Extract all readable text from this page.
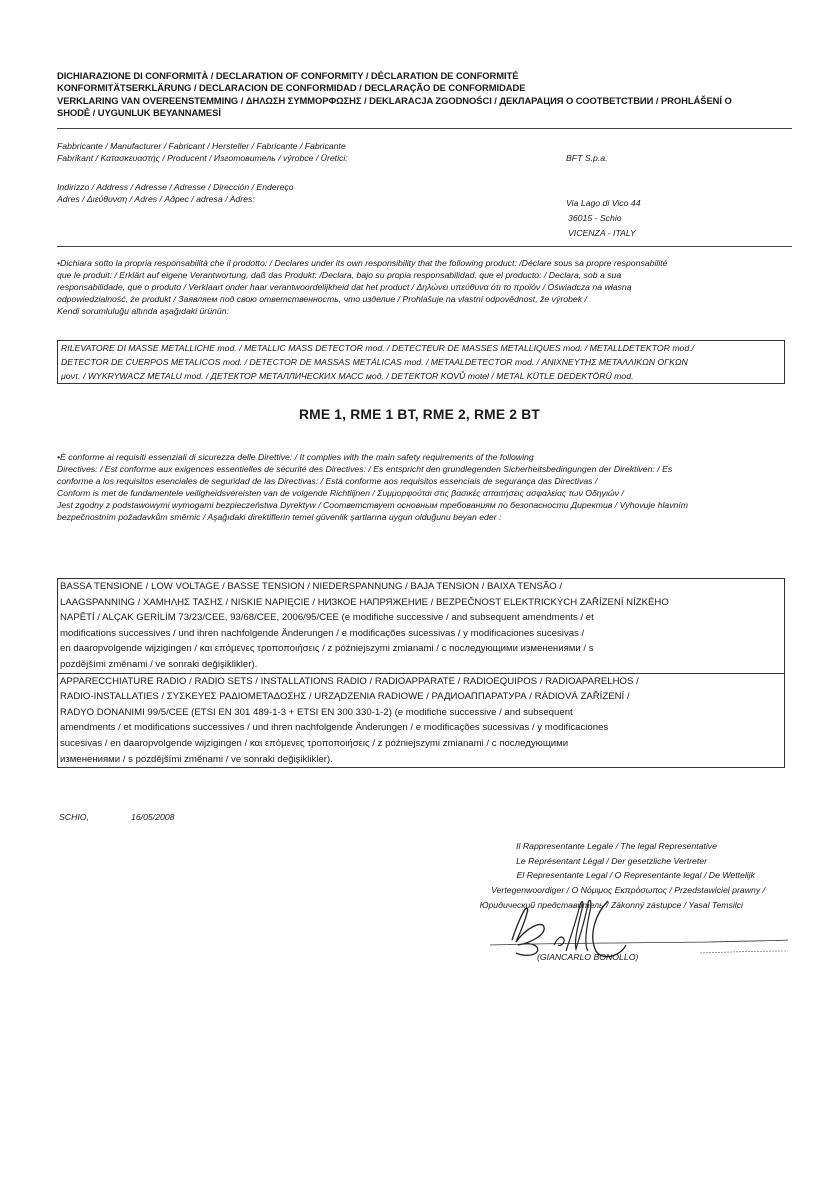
DICHIARAZIONE DI CONFORMITÀ / DECLARATION OF CONFORMITY / DÉCLARATION DE CONFORMITÉ
KONFORMITÄTSERKLÄRUNG / DECLARACION DE CONFORMIDAD / DECLARAÇÃO DE CONFORMIDADE
VERKLARING VAN OVEREENSTEMMING / ΔΗΛΩΣΗ ΣΥΜΜΟΡΦΩΣΗΣ / DEKLARACJA ZGODNOŚCI / ДЕКЛАРАЦИЯ О СООТВЕТСТВИИ / PROHLÁŠENÍ O
SHODĚ / UYGUNLUK BEYANNAMESİ
Fabbricante / Manufacturer / Fabricant / Hersteller / Fabricante / Fabricante
Fabrikant / Κατασκευαστής / Producent / Изготовитель / výrobce / Üretici:	BFT S.p.a.
Indirizzo / Address / Adresse / Adresse / Dirección / Endereço
Adres / Διεύθυνση / Adres / Адрес / adresa / Adres:	Via Lago di Vico 44
36015 - Schio
VICENZA - ITALY
•Dichiara sotto la propria responsabilità che il prodotto: / Declares under its own responsibility that the following product: /Déclare sous sa propre responsabilité
que le produit: / Erklärt auf eigene Verantwortung, daß das Produkt: /Declara, bajo su propia responsabilidad, que el producto: / Declara, sob a sua
responsabilidade, que o produto / Verklaart onder haar verantwoordelijkheid dat het product / Δηλώνει υπεύθυνα ότι το προϊόν / Oświadcza na własną
odpowiedzialność, że produkt / Заявляем под свою ответственность, что изделие / Prohlašuje na vlastní odpovědnost, že výrobek /
Kendi sorumluluğu altında aşağıdaki ürünün:
RILEVATORE DI MASSE METALLICHE mod. / METALLIC MASS DETECTOR mod. / DETECTEUR DE MASSES METALLIQUES mod. / METALLDETEKTOR mod./
DETECTOR DE CUERPOS METALICOS mod. / DETECTOR DE MASSAS METÁLICAS mod. / METAALDETECTOR mod. / ΑΝΙΧΝΕΥΤΗΣ ΜΕΤΑΛΛΙΚΩΝ ΟΓΚΩΝ
μοντ. / WYKRYWACZ METALU mod. / ДЕТЕКТОР МЕТАЛЛИЧЕСКИХ МАСС мод. / DETEKTOR KOVŮ motel / METAL KÜTLE DEDEKTÖRÜ mod.
RME 1, RME 1 BT, RME 2, RME 2 BT
•È conforme ai requisiti essenziali di sicurezza delle Direttive: / It complies with the main safety requirements of the following
Directives: / Est conforme aux exigences essentielles de sécurité des Directives: / Es entspricht den grundlegenden Sicherheitsbedingungen der Direktiven: / Es
conforme a los requisitos esenciales de seguridad de las Directivas: / Está conforme aos requisitos essenciais de segurança das Directivas /
Conform is met de fundamentele veiligheidsvereisten van de volgende Richtlijnen / Συμμορφούται στις βασικές απαιτήσεις ασφαλείας των Οδηγιών /
Jest zgodny z podstawowymi wymogami bezpieczeństwa Dyrektyw / Соответствует основным требованиям по безопасности Директив / Vyhovuje hlavním
bezpečnostním požadavkům směrnic / Aşağıdaki direktiflerin temel güvenlik şartlarına uygun olduğunu beyan eder :
BASSA TENSIONE / LOW VOLTAGE / BASSE TENSION / NIEDERSPANNUNG / BAJA TENSION / BAIXA TENSÃO /
LAAGSPANNING / ΧΑΜΗΛΗΣ ΤΑΣΗΣ / NISKIE NAPIĘCIE / НИЗКОЕ НАПРЯЖЕНИЕ / BEZPEČNOST ELEKTRICKÝCH ZAŘÍZENÍ NÍZKÉHO
NAPĚTÍ / ALÇAK GERİLİM 73/23/CEE, 93/68/CEE, 2006/95/CEE (e modifiche successive / and subsequent amendments / et
modifications successives / und ihren nachfolgende Änderungen / e modificações sucessivas / y modificaciones sucesivas /
en daaropvolgende wijzigingen / και επόμενες τροποποιήσεις / z późniejszymi zmianami / с последующими изменениями / s
pozdějšími změnami / ve sonraki değişiklikler).
APPARECCHIATURE RADIO / RADIO SETS / INSTALLATIONS RADIO / RADIOAPPARATE / RADIOEQUIPOS / RADIOAPARELHOS /
RADIO-INSTALLATIES / ΣΥΣΚΕΥΕΣ ΡΑΔΙΟΜΕΤΑΔΟΣΗΣ / URZĄDZENIA RADIOWE / РАДИОАППАРАТУРА / RÁDIOVÁ ZAŘÍZENÍ /
RADYO DONANIMI 99/5/CEE (ETSI EN 301 489-1-3 + ETSI EN 300 330-1-2) (e modifiche successive / and subsequent
amendments / et modifications successives / und ihren nachfolgende Änderungen / e modificações sucessivas / y modificaciones
sucesivas / en daaropvolgende wijzigingen / και επόμενες τροποποιήσεις / z późniejszymi zmianami / с последующими
изменениями / s pozdějšími změnami / ve sonraki değişiklikler).
SCHIO,	16/05/2008
Il Rappresentante Legale / The legal Representative
Le Représentant Légal / Der gesetzliche Vertreter
El Representante Legal / O Representante legal / De Wettelijk
Vertegenwoordiger / Ο Νόμιμος Εκπρόσωπος / Przedstawiciel prawny /
Юридический представитель / Zákonný zástupce / Yasal Temsilci
(GIANCARLO BONOLLO)
